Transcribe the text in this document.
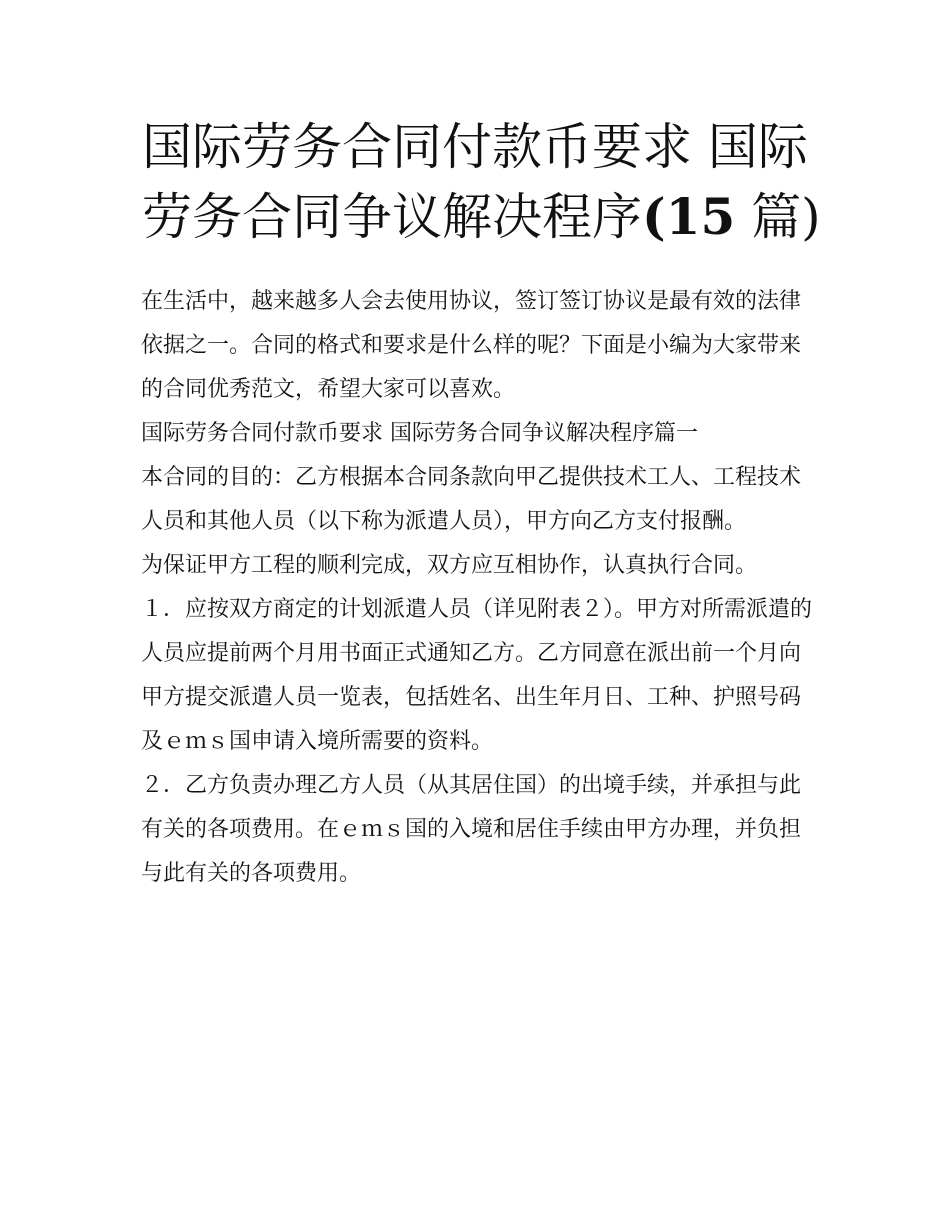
国际劳务合同付款币要求 国际劳务合同争议解决程序(15 篇)

在生活中，越来越多人会去使用协议，签订签订协议是最有效的法律依据之一。合同的格式和要求是什么样的呢？下面是小编为大家带来的合同优秀范文，希望大家可以喜欢。

国际劳务合同付款币要求 国际劳务合同争议解决程序篇一

本合同的目的：乙方根据本合同条款向甲乙提供技术工人、工程技术人员和其他人员（以下称为派遣人员），甲方向乙方支付报酬。

为保证甲方工程的顺利完成，双方应互相协作，认真执行合同。

１．应按双方商定的计划派遣人员（详见附表２）。甲方对所需派遣的人员应提前两个月用书面正式通知乙方。乙方同意在派出前一个月向甲方提交派遣人员一览表，包括姓名、出生年月日、工种、护照号码及ｅｍｓ国申请入境所需要的资料。

２．乙方负责办理乙方人员（从其居住国）的出境手续，并承担与此有关的各项费用。在ｅｍｓ国的入境和居住手续由甲方办理，并负担与此有关的各项费用。
